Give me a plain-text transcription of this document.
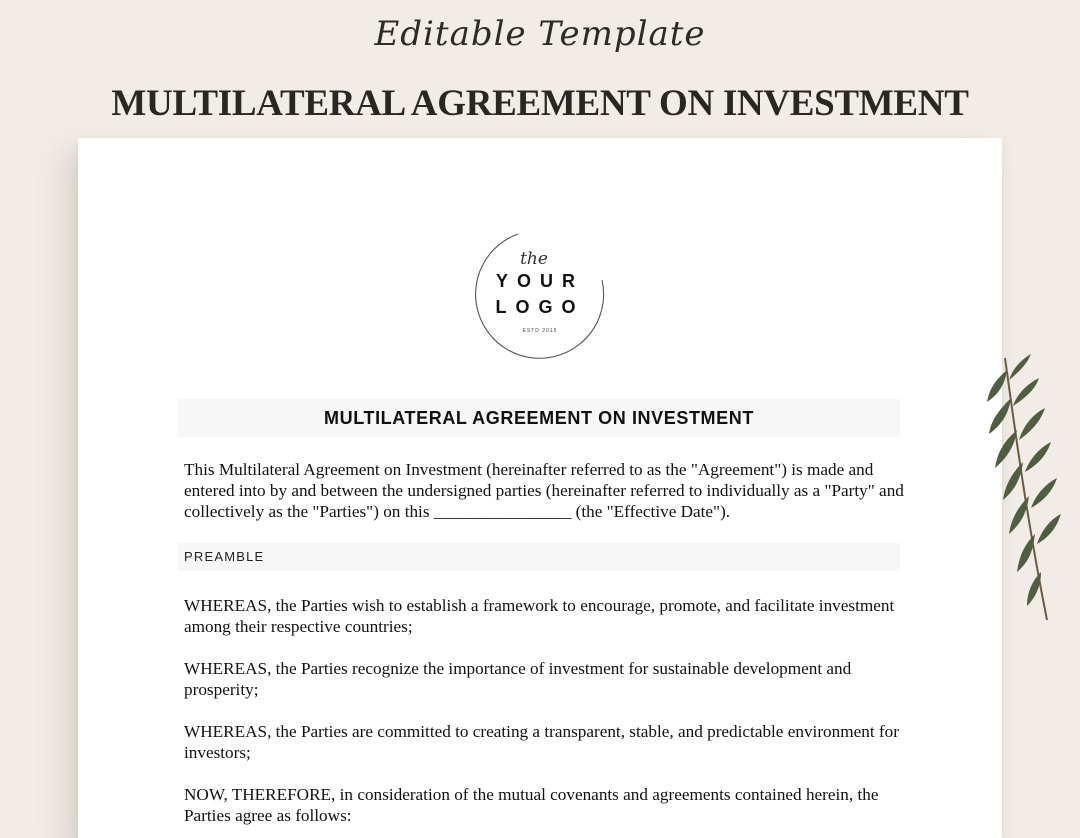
Editable Template
MULTILATERAL AGREEMENT ON INVESTMENT
the
YOUR
LOGO
ESTD 2015
MULTILATERAL AGREEMENT ON INVESTMENT
This Multilateral Agreement on Investment (hereinafter referred to as the "Agreement") is made and entered into by and between the undersigned parties (hereinafter referred to individually as a "Party" and collectively as the "Parties") on this ________________ (the "Effective Date").
PREAMBLE
WHEREAS, the Parties wish to establish a framework to encourage, promote, and facilitate investment among their respective countries;
WHEREAS, the Parties recognize the importance of investment for sustainable development and prosperity;
WHEREAS, the Parties are committed to creating a transparent, stable, and predictable environment for investors;
NOW, THEREFORE, in consideration of the mutual covenants and agreements contained herein, the Parties agree as follows:
